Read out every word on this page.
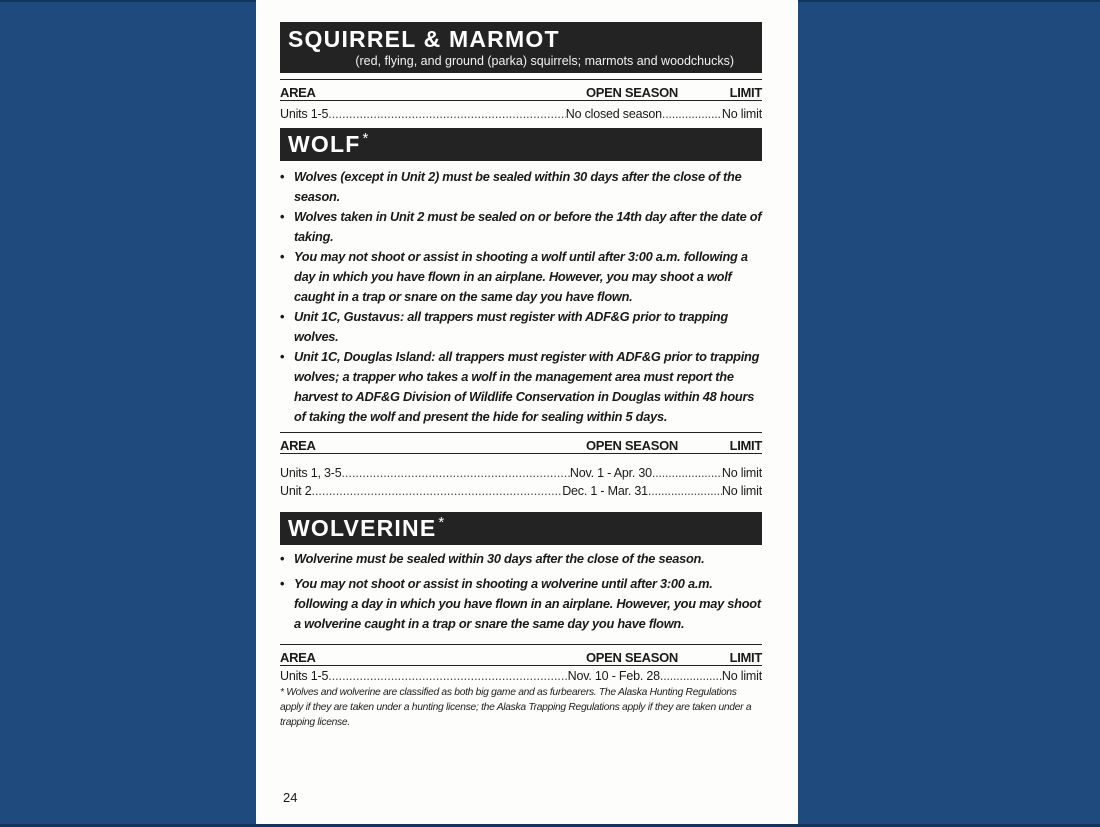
SQUIRREL & MARMOT
(red, flying, and ground (parka) squirrels; marmots and woodchucks)
AREA	OPEN SEASON	LIMIT
Units 1-5 .....	No closed season .....	No limit
WOLF *
• Wolves (except in Unit 2) must be sealed within 30 days after the close of the season.
• Wolves taken in Unit 2 must be sealed on or before the 14th day after the date of taking.
• You may not shoot or assist in shooting a wolf until after 3:00 a.m. following a day in which you have flown in an airplane. However, you may shoot a wolf caught in a trap or snare on the same day you have flown.
• Unit 1C, Gustavus: all trappers must register with ADF&G prior to trapping wolves.
• Unit 1C, Douglas Island: all trappers must register with ADF&G prior to trapping wolves; a trapper who takes a wolf in the management area must report the harvest to ADF&G Division of Wildlife Conservation in Douglas within 48 hours of taking the wolf and present the hide for sealing within 5 days.
AREA	OPEN SEASON	LIMIT
Units 1, 3-5 .....	Nov. 1 - Apr. 30 .....	No limit
Unit 2 .....	Dec. 1 - Mar. 31 .....	No limit
WOLVERINE *
• Wolverine must be sealed within 30 days after the close of the season.
• You may not shoot or assist in shooting a wolverine until after 3:00 a.m. following a day in which you have flown in an airplane. However, you may shoot a wolverine caught in a trap or snare the same day you have flown.
AREA	OPEN SEASON	LIMIT
Units 1-5 .....	Nov. 10 - Feb. 28 .....	No limit
* Wolves and wolverine are classified as both big game and as furbearers. The Alaska Hunting Regulations apply if they are taken under a hunting license; the Alaska Trapping Regulations apply if they are taken under a trapping license.
24
